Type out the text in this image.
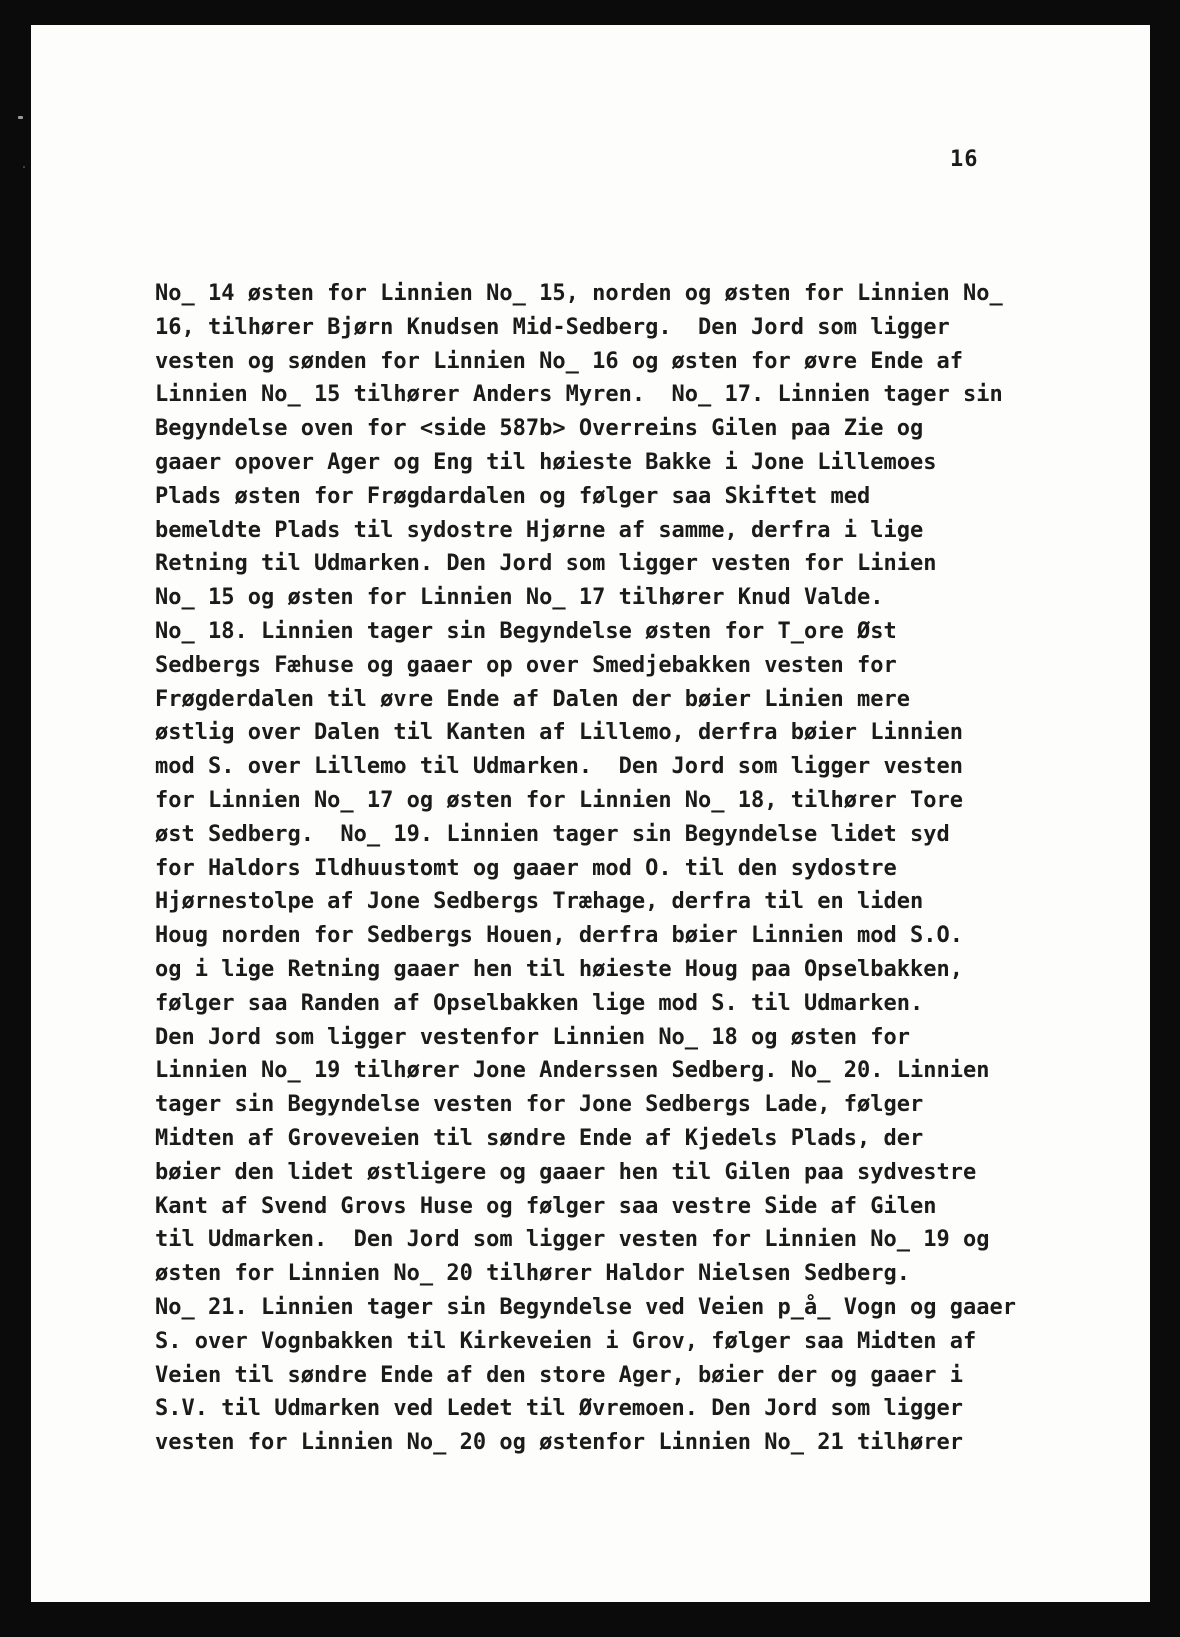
16
No̲ 14 østen for Linnien No̲ 15, norden og østen for Linnien No̲
16, tilhører Bjørn Knudsen Mid-Sedberg.  Den Jord som ligger
vesten og sønden for Linnien No̲ 16 og østen for øvre Ende af
Linnien No̲ 15 tilhører Anders Myren.  No̲ 17. Linnien tager sin
Begyndelse oven for <side 587b> Overreins Gilen paa Zie og
gaaer opover Ager og Eng til høieste Bakke i Jone Lillemoes
Plads østen for Frøgdardalen og følger saa Skiftet med
bemeldte Plads til sydostre Hjørne af samme, derfra i lige
Retning til Udmarken. Den Jord som ligger vesten for Linien
No̲ 15 og østen for Linnien No̲ 17 tilhører Knud Valde.
No̲ 18. Linnien tager sin Begyndelse østen for T̲ore Øst
Sedbergs Fæhuse og gaaer op over Smedjebakken vesten for
Frøgderdalen til øvre Ende af Dalen der bøier Linien mere
østlig over Dalen til Kanten af Lillemo, derfra bøier Linnien
mod S. over Lillemo til Udmarken.  Den Jord som ligger vesten
for Linnien No̲ 17 og østen for Linnien No̲ 18, tilhører Tore
øst Sedberg.  No̲ 19. Linnien tager sin Begyndelse lidet syd
for Haldors Ildhuustomt og gaaer mod O. til den sydostre
Hjørnestolpe af Jone Sedbergs Træhage, derfra til en liden
Houg norden for Sedbergs Houen, derfra bøier Linnien mod S.O.
og i lige Retning gaaer hen til høieste Houg paa Opselbakken,
følger saa Randen af Opselbakken lige mod S. til Udmarken.
Den Jord som ligger vestenfor Linnien No̲ 18 og østen for
Linnien No̲ 19 tilhører Jone Anderssen Sedberg. No̲ 20. Linnien
tager sin Begyndelse vesten for Jone Sedbergs Lade, følger
Midten af Groveveien til søndre Ende af Kjedels Plads, der
bøier den lidet østligere og gaaer hen til Gilen paa sydvestre
Kant af Svend Grovs Huse og følger saa vestre Side af Gilen
til Udmarken.  Den Jord som ligger vesten for Linnien No̲ 19 og
østen for Linnien No̲ 20 tilhører Haldor Nielsen Sedberg.
No̲ 21. Linnien tager sin Begyndelse ved Veien p̲å̲ Vogn og gaaer
S. over Vognbakken til Kirkeveien i Grov, følger saa Midten af
Veien til søndre Ende af den store Ager, bøier der og gaaer i
S.V. til Udmarken ved Ledet til Øvremoen. Den Jord som ligger
vesten for Linnien No̲ 20 og østenfor Linnien No̲ 21 tilhører
